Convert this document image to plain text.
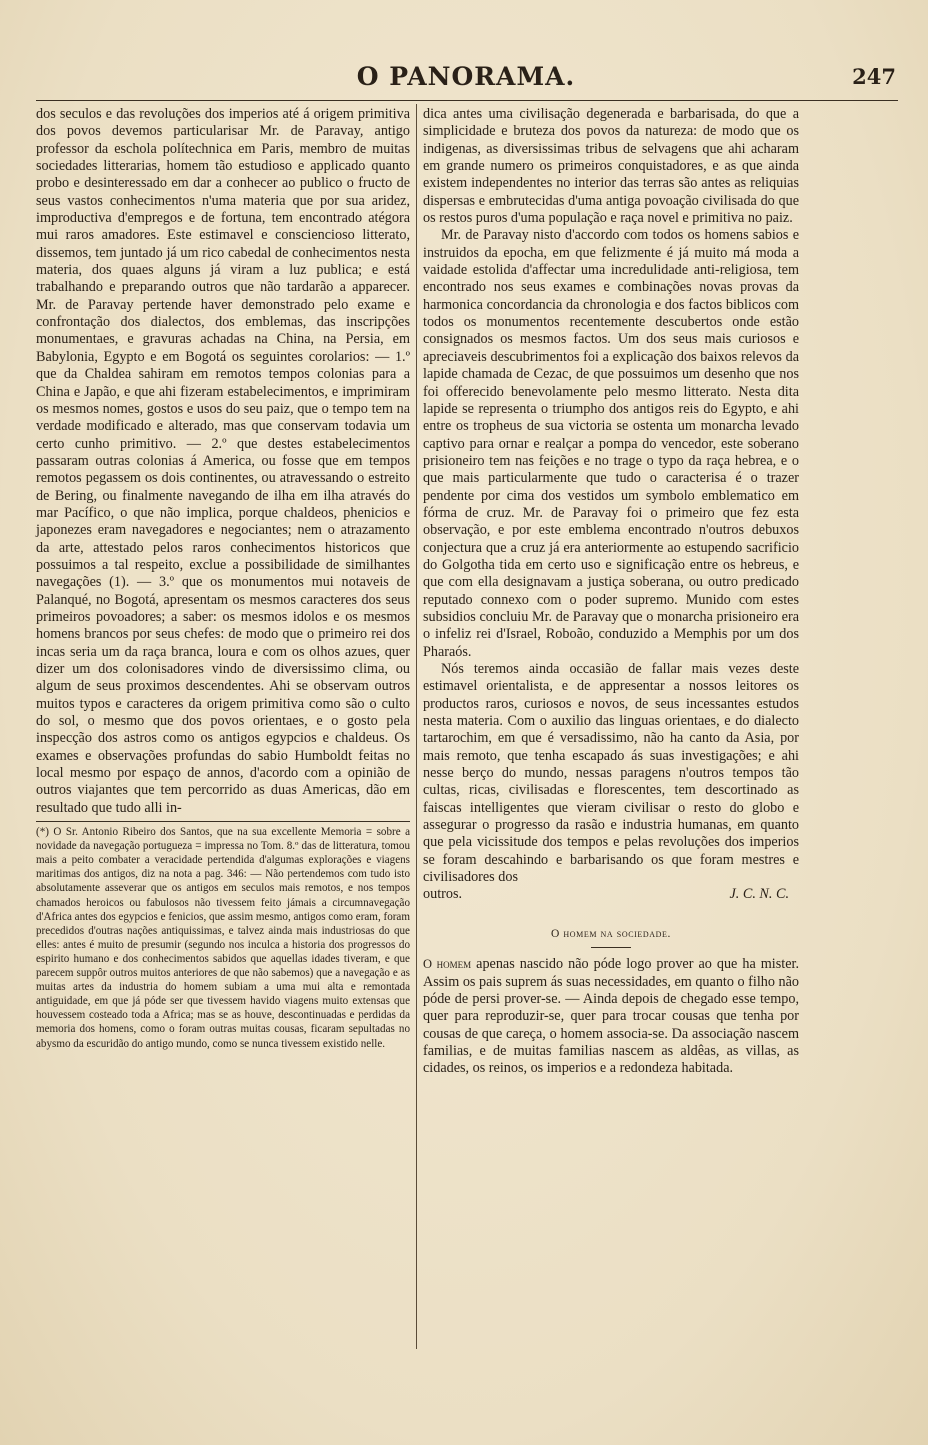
O PANORAMA.	247

dos seculos e das revoluções dos imperios até á origem primitiva dos povos devemos particularisar Mr. de Paravay, antigo professor da eschola polítechnica em Paris, membro de muitas sociedades litterarias, homem tão estudioso e applicado quanto probo e desinteressado em dar a conhecer ao publico o fructo de seus vastos conhecimentos n'uma materia que por sua aridez, improductiva d'empregos e de fortuna, tem encontrado atégora mui raros amadores. Este estimavel e consciencioso litterato, dissemos, tem juntado já um rico cabedal de conhecimentos nesta materia, dos quaes alguns já viram a luz publica; e está trabalhando e preparando outros que não tardarão a apparecer. Mr. de Paravay pertende haver demonstrado pelo exame e confrontação dos dialectos, dos emblemas, das inscripções monumentaes, e gravuras achadas na China, na Persia, em Babylonia, Egypto e em Bogotá os seguintes corolarios: — 1.º que da Chaldea sahiram em remotos tempos colonias para a China e Japão, e que ahi fizeram estabelecimentos, e imprimiram os mesmos nomes, gostos e usos do seu paiz, que o tempo tem na verdade modificado e alterado, mas que conservam todavia um certo cunho primitivo. — 2.º que destes estabelecimentos passaram outras colonias á America, ou fosse que em tempos remotos pegassem os dois continentes, ou atravessando o estreito de Bering, ou finalmente navegando de ilha em ilha através do mar Pacífico, o que não implica, porque chaldeos, phenicios e japonezes eram navegadores e negociantes; nem o atrazamento da arte, attestado pelos raros conhecimentos historicos que possuimos a tal respeito, exclue a possibilidade de similhantes navegações (1). — 3.º que os monumentos mui notaveis de Palanqué, no Bogotá, apresentam os mesmos caracteres dos seus primeiros povoadores; a saber: os mesmos idolos e os mesmos homens brancos por seus chefes: de modo que o primeiro rei dos incas seria um da raça branca, loura e com os olhos azues, quer dizer um dos colonisadores vindo de diversissimo clima, ou algum de seus proximos descendentes. Ahi se observam outros muitos typos e caracteres da origem primitiva como são o culto do sol, o mesmo que dos povos orientaes, e o gosto pela inspecção dos astros como os antigos egypcios e chaldeus. Os exames e observações profundas do sabio Humboldt feitas no local mesmo por espaço de annos, d'acordo com a opinião de outros viajantes que tem percorrido as duas Americas, dão em resultado que tudo alli in-

(*) O Sr. Antonio Ribeiro dos Santos, que na sua excellente Memoria = sobre a novidade da navegação portugueza = impressa no Tom. 8.º das de litteratura, tomou mais a peito combater a veracidade pertendida d'algumas explorações e viagens maritimas dos antigos, diz na nota a pag. 346: — Não pertendemos com tudo isto absolutamente asseverar que os antigos em seculos mais remotos, e nos tempos chamados heroicos ou fabulosos não tivessem feito jámais a circumnavegação d'Africa antes dos egypcios e fenicios, que assim mesmo, antigos como eram, foram precedidos d'outras nações antiquissimas, e talvez ainda mais industriosas do que elles: antes é muito de presumir (segundo nos inculca a historia dos progressos do espirito humano e dos conhecimentos sabidos que aquellas idades tiveram, e que parecem suppôr outros muitos anteriores de que não sabemos) que a navegação e as muitas artes da industria do homem subiam a uma mui alta e remontada antiguidade, em que já póde ser que tivessem havido viagens muito extensas que houvessem costeado toda a Africa; mas se as houve, descontinuadas e perdidas da memoria dos homens, como o foram outras muitas cousas, ficaram sepultadas no abysmo da escuridão do antigo mundo, como se nunca tivessem existido nelle.

dica antes uma civilisação degenerada e barbarisada, do que a simplicidade e bruteza dos povos da natureza: de modo que os indigenas, as diversissimas tribus de selvagens que ahi acharam em grande numero os primeiros conquistadores, e as que ainda existem independentes no interior das terras são antes as reliquias dispersas e embrutecidas d'uma antiga povoação civilisada do que os restos puros d'uma população e raça novel e primitiva no paiz.

Mr. de Paravay nisto d'accordo com todos os homens sabios e instruidos da epocha, em que felizmente é já muito má moda a vaidade estolida d'affectar uma incredulidade anti-religiosa, tem encontrado nos seus exames e combinações novas provas da harmonica concordancia da chronologia e dos factos biblicos com todos os monumentos recentemente descubertos onde estão consignados os mesmos factos. Um dos seus mais curiosos e apreciaveis descubrimentos foi a explicação dos baixos relevos da lapide chamada de Cezac, de que possuimos um desenho que nos foi offerecido benevolamente pelo mesmo litterato. Nesta dita lapide se representa o triumpho dos antigos reis do Egypto, e ahi entre os tropheus de sua victoria se ostenta um monarcha levado captivo para ornar e realçar a pompa do vencedor, este soberano prisioneiro tem nas feições e no trage o typo da raça hebrea, e o que mais particularmente que tudo o caracterisa é o trazer pendente por cima dos vestidos um symbolo emblematico em fórma de cruz. Mr. de Paravay foi o primeiro que fez esta observação, e por este emblema encontrado n'outros debuxos conjectura que a cruz já era anteriormente ao estupendo sacrificio do Golgotha tida em certo uso e significação entre os hebreus, e que com ella designavam a justiça soberana, ou outro predicado reputado connexo com o poder supremo. Munido com estes subsidios concluiu Mr. de Paravay que o monarcha prisioneiro era o infeliz rei d'Israel, Roboão, conduzido a Memphis por um dos Pharaós.

Nós teremos ainda occasião de fallar mais vezes deste estimavel orientalista, e de appresentar a nossos leitores os productos raros, curiosos e novos, de seus incessantes estudos nesta materia. Com o auxilio das linguas orientaes, e do dialecto tartarochim, em que é versadissimo, não ha canto da Asia, por mais remoto, que tenha escapado ás suas investigações; e ahi nesse berço do mundo, nessas paragens n'outros tempos tão cultas, ricas, civilisadas e florescentes, tem descortinado as faiscas intelligentes que vieram civilisar o resto do globo e assegurar o progresso da rasão e industria humanas, em quanto que pela vicissitude dos tempos e pelas revoluções dos imperios se foram descahindo e barbarisando os que foram mestres e civilisadores dos

outros.	J. C. N. C.
O homem na sociedade.

O homem apenas nascido não póde logo prover ao que ha mister. Assim os pais suprem ás suas necessidades, em quanto o filho não póde de persi prover-se. — Ainda depois de chegado esse tempo, quer para reproduzir-se, quer para trocar cousas que tenha por cousas de que careça, o homem associa-se. Da associação nascem familias, e de muitas familias nascem as aldêas, as villas, as cidades, os reinos, os imperios e a redondeza habitada.
